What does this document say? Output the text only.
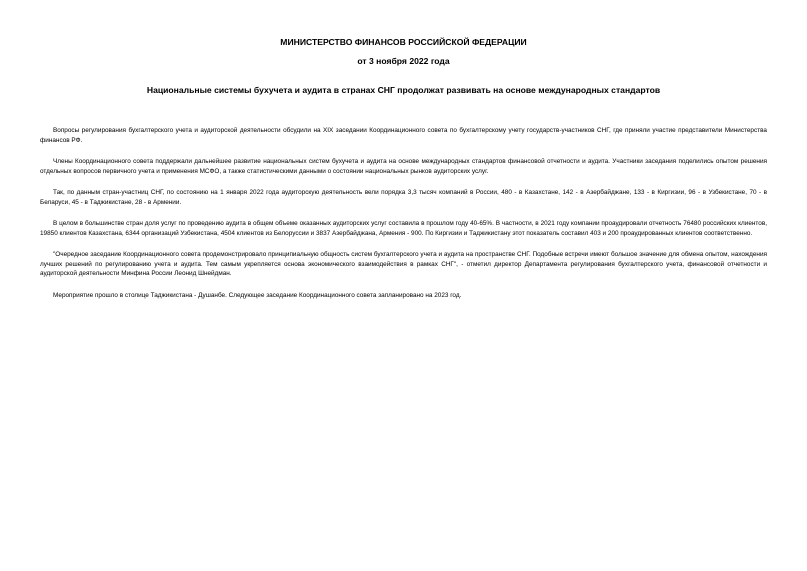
МИНИСТЕРСТВО ФИНАНСОВ РОССИЙСКОЙ ФЕДЕРАЦИИ
от 3 ноября 2022 года
Национальные системы бухучета и аудита в странах СНГ продолжат развивать на основе международных стандартов

Вопросы регулирования бухгалтерского учета и аудиторской деятельности обсудили на XIX заседании Координационного совета по бухгалтерскому учету государств-участников СНГ, где приняли участие представители Министерства финансов РФ.

Члены Координационного совета поддержали дальнейшее развитие национальных систем бухучета и аудита на основе международных стандартов финансовой отчетности и аудита. Участники заседания поделились опытом решения отдельных вопросов первичного учета и применения МСФО, а также статистическими данными о состоянии национальных рынков аудиторских услуг.

Так, по данным стран-участниц СНГ, по состоянию на 1 января 2022 года аудиторскую деятельность вели порядка 3,3 тысяч компаний в России, 480 - в Казахстане, 142 - в Азербайджане, 133 - в Киргизии, 96 - в Узбекистане, 70 - в Беларуси, 45 - в Таджикистане, 28 - в Армении.

В целом в большинстве стран доля услуг по проведению аудита в общем объеме оказанных аудиторских услуг составила в прошлом году 40-65%. В частности, в 2021 году компании проаудировали отчетность 76480 российских клиентов, 19850 клиентов Казахстана, 6344 организаций Узбекистана, 4504 клиентов из Белоруссии и 3837 Азербайджана, Армения - 900. По Киргизии и Таджикистану этот показатель составил 403 и 200 проаудированных клиентов соответственно.

"Очередное заседание Координационного совета продемонстрировало принципиальную общность систем бухгалтерского учета и аудита на пространстве СНГ. Подобные встречи имеют большое значение для обмена опытом, нахождения лучших решений по регулированию учета и аудита. Тем самым укрепляется основа экономического взаимодействия в рамках СНГ", - отметил директор Департамента регулирования бухгалтерского учета, финансовой отчетности и аудиторской деятельности Минфина России Леонид Шнейдман.

Мероприятие прошло в столице Таджикистана - Душанбе. Следующее заседание Координационного совета запланировано на 2023 год.
